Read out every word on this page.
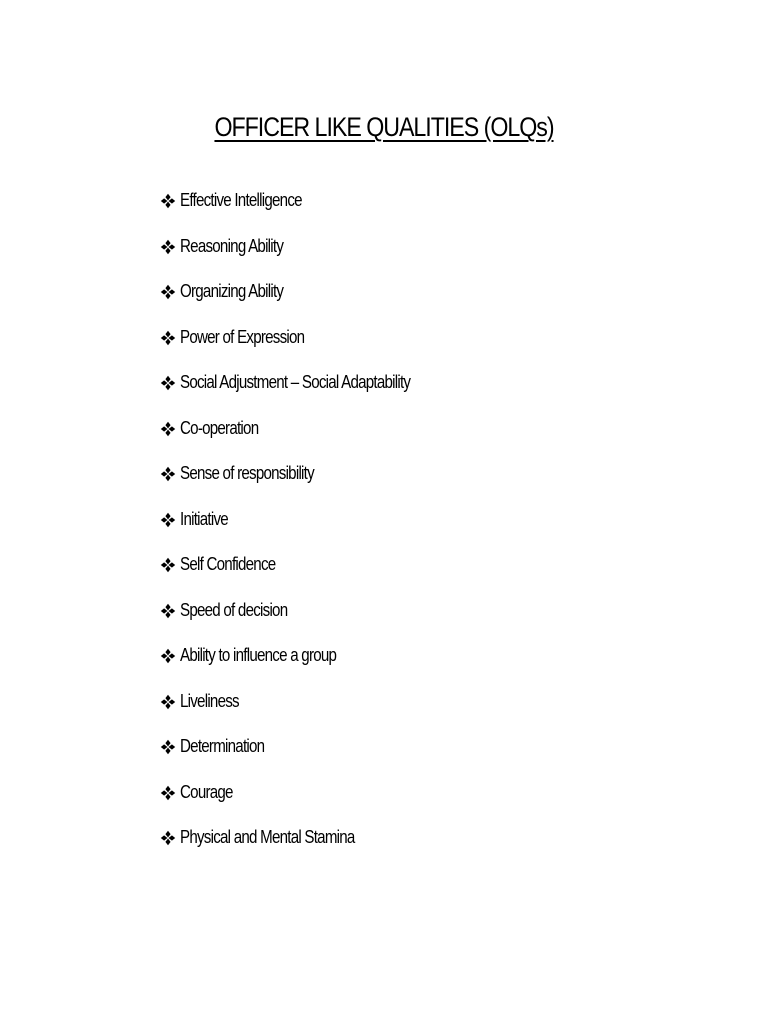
OFFICER LIKE QUALITIES (OLQs)
Effective Intelligence
Reasoning Ability
Organizing Ability
Power of Expression
Social Adjustment – Social Adaptability
Co-operation
Sense of responsibility
Initiative
Self Confidence
Speed of decision
Ability to influence a group
Liveliness
Determination
Courage
Physical and Mental Stamina
